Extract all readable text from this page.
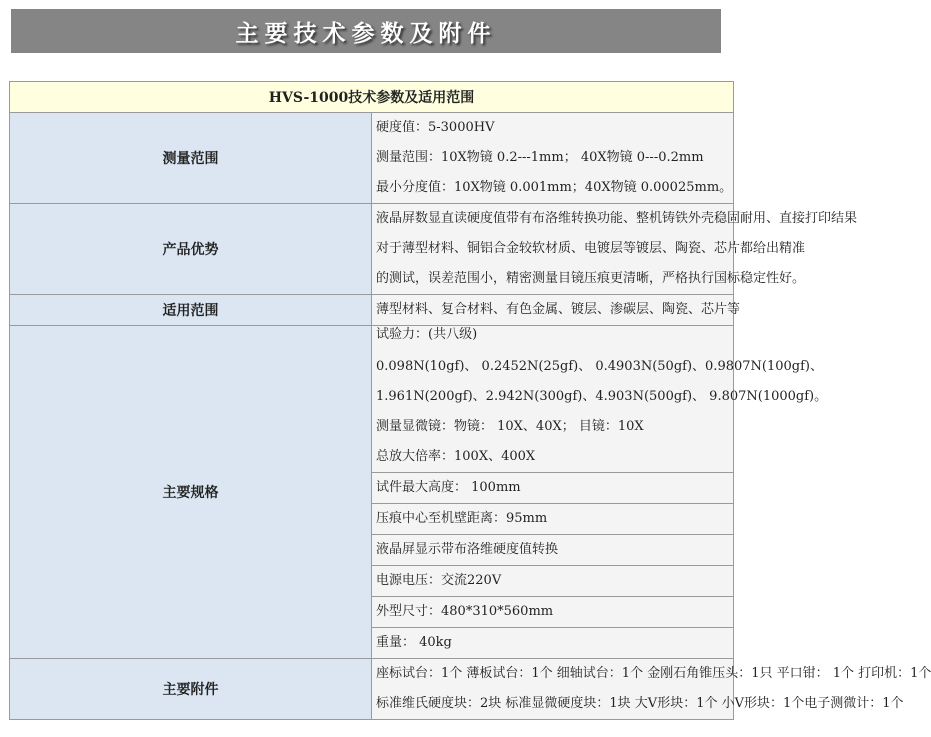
主要技术参数及附件
HVS-1000技术参数及适用范围	
测量范围	硬度值：5-3000HV
测量范围：10X物镜 0.2---1mm； 40X物镜 0---0.2mm
最小分度值：10X物镜 0.001mm；40X物镜 0.00025mm。

产品优势	液晶屏数显直读硬度值带有布洛维转换功能、整机铸铁外壳稳固耐用、直接打印结果
对于薄型材料、铜铝合金较软材质、电镀层等镀层、陶瓷、芯片都给出精准
的测试，误差范围小，精密测量目镜压痕更清晰，严格执行国标稳定性好。

适用范围	薄型材料、复合材料、有色金属、镀层、渗碳层、陶瓷、芯片等

主要规格	试验力：(共八级)
0.098N(10gf)、 0.2452N(25gf)、 0.4903N(50gf)、0.9807N(100gf)、
1.961N(200gf)、2.942N(300gf)、4.903N(500gf)、 9.807N(1000gf)。
测量显微镜：物镜： 10X、40X； 目镜：10X
总放大倍率：100X、400X

	试件最大高度： 100mm

	压痕中心至机壁距离：95mm

	液晶屏显示带布洛维硬度值转换

	电源电压：交流220V

	外型尺寸：480*310*560mm

	重量： 40kg

主要附件	座标试台：1个 薄板试台：1个 细轴试台：1个 金刚石角锥压头：1只 平口钳： 1个 打印机：1个
标准维氏硬度块：2块 标准显微硬度块：1块 大V形块：1个 小V形块：1个电子测微计：1个
